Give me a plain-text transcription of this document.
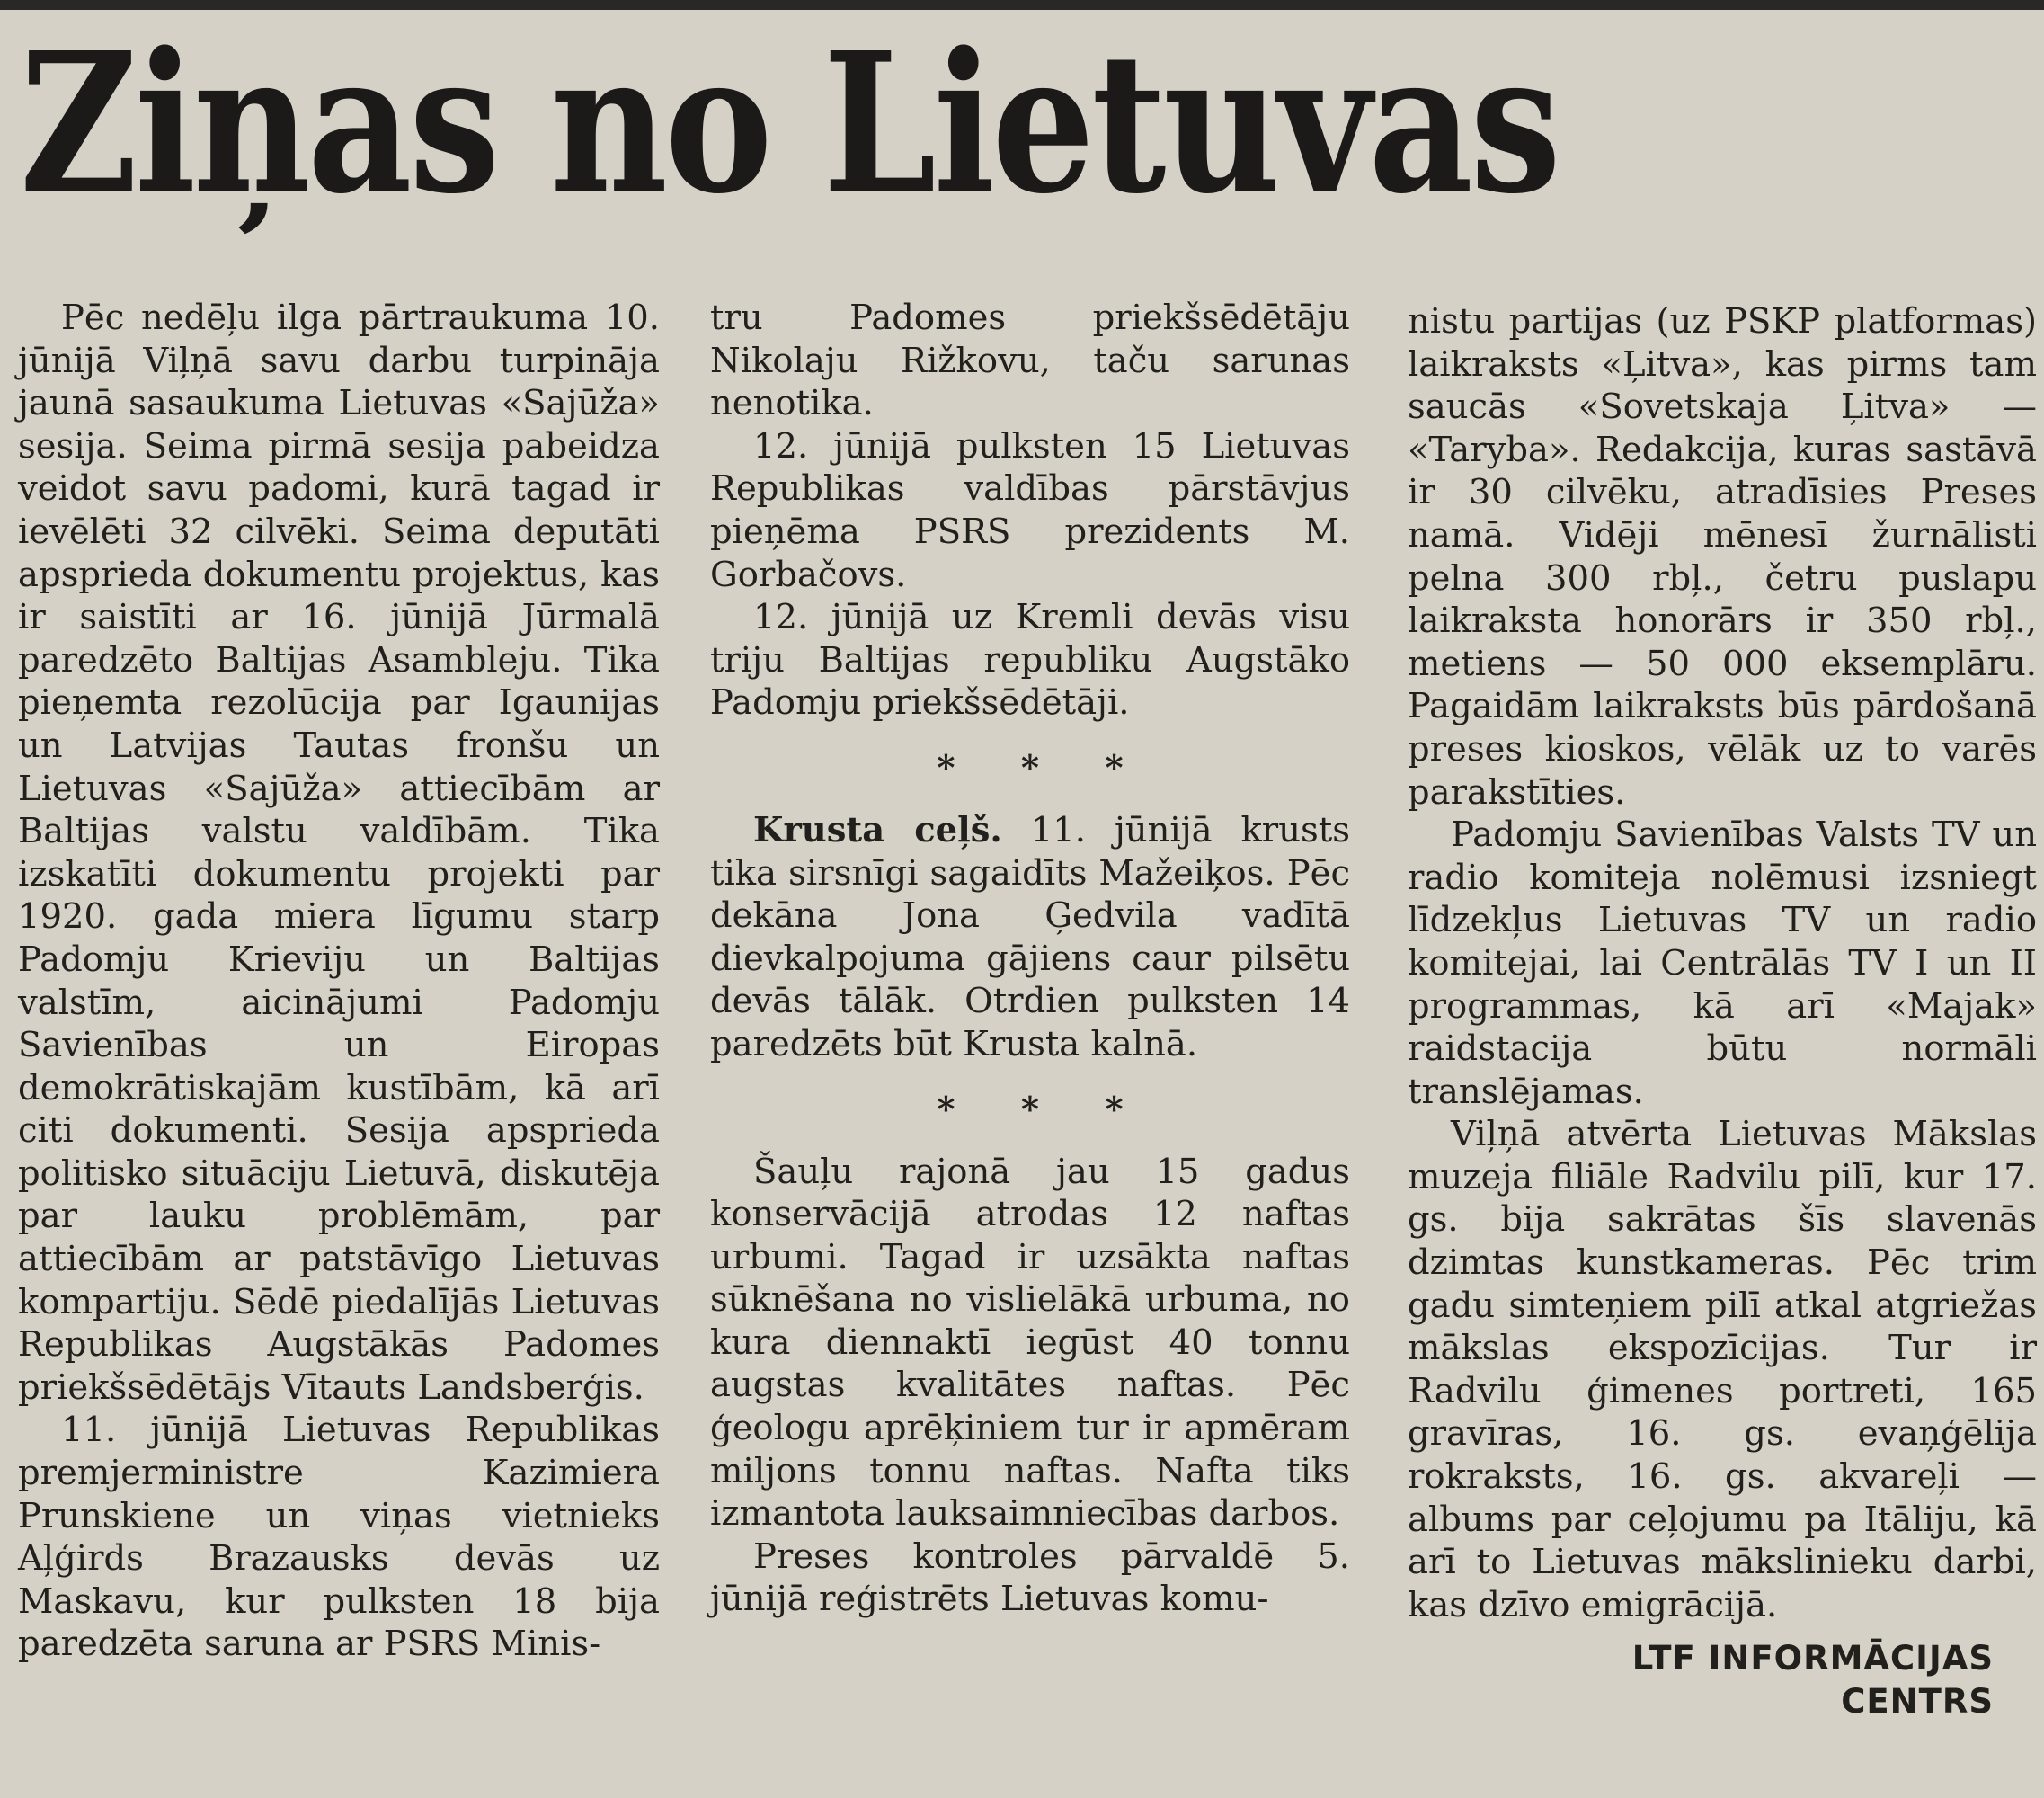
Ziņas no Lietuvas

Pēc nedēļu ilga pārtraukuma 10. jūnijā Viļņā savu darbu turpināja jaunā sasaukuma Lietuvas «Sajūža» sesija. Seima pirmā sesija pabeidza veidot savu padomi, kurā tagad ir ievēlēti 32 cilvēki. Seima deputāti apsprieda dokumentu projektus, kas ir saistīti ar 16. jūnijā Jūrmalā paredzēto Baltijas Asambleju. Tika pieņemta rezolūcija par Igaunijas un Latvijas Tautas fronšu un Lietuvas «Sajūža» attiecībām ar Baltijas valstu valdībām. Tika izskatīti dokumentu projekti par 1920. gada miera līgumu starp Padomju Krieviju un Baltijas valstīm, aicinājumi Padomju Savienības un Eiropas demokrātiskajām kustībām, kā arī citi dokumenti. Sesija apsprieda politisko situāciju Lietuvā, diskutēja par lauku problēmām, par attiecībām ar patstāvīgo Lietuvas kompartiju. Sēdē piedalījās Lietuvas Republikas Augstākās Padomes priekšsēdētājs Vītauts Landsberģis.

11. jūnijā Lietuvas Republikas premjerministre Kazimiera Prunskiene un viņas vietnieks Aļģirds Brazausks devās uz Maskavu, kur pulksten 18 bija paredzēta saruna ar PSRS Minis-

tru Padomes priekšsēdētāju Nikolaju Rižkovu, taču sarunas nenotika.

12. jūnijā pulksten 15 Lietuvas Republikas valdības pārstāvjus pieņēma PSRS prezidents M. Gorbačovs.

12. jūnijā uz Kremli devās visu triju Baltijas republiku Augstāko Padomju priekšsēdētāji.

* * *

Krusta ceļš. 11. jūnijā krusts tika sirsnīgi sagaidīts Mažeiķos. Pēc dekāna Jona Ģedvila vadītā dievkalpojuma gājiens caur pilsētu devās tālāk. Otrdien pulksten 14 paredzēts būt Krusta kalnā.

* * *

Šauļu rajonā jau 15 gadus konservācijā atrodas 12 naftas urbumi. Tagad ir uzsākta naftas sūknēšana no vislielākā urbuma, no kura diennaktī iegūst 40 tonnu augstas kvalitātes naftas. Pēc ģeologu aprēķiniem tur ir apmēram miljons tonnu naftas. Nafta tiks izmantota lauksaimniecības darbos.

Preses kontroles pārvaldē 5. jūnijā reģistrēts Lietuvas komu-

nistu partijas (uz PSKP platformas) laikraksts «Ļitva», kas pirms tam saucās «Sovetskaja Ļitva» — «Taryba». Redakcija, kuras sastāvā ir 30 cilvēku, atradīsies Preses namā. Vidēji mēnesī žurnālisti pelna 300 rbļ., četru puslapu laikraksta honorārs ir 350 rbļ., metiens — 50 000 eksemplāru. Pagaidām laikraksts būs pārdošanā preses kioskos, vēlāk uz to varēs parakstīties.

Padomju Savienības Valsts TV un radio komiteja nolēmusi izsniegt līdzekļus Lietuvas TV un radio komitejai, lai Centrālās TV I un II programmas, kā arī «Majak» raidstacija būtu normāli translējamas.

Viļņā atvērta Lietuvas Mākslas muzeja filiāle Radvilu pilī, kur 17. gs. bija sakrātas šīs slavenās dzimtas kunstkameras. Pēc trim gadu simteņiem pilī atkal atgriežas mākslas ekspozīcijas. Tur ir Radvilu ģimenes portreti, 165 gravīras, 16. gs. evaņģēlija rokraksts, 16. gs. akvareļi — albums par ceļojumu pa Itāliju, kā arī to Lietuvas mākslinieku darbi, kas dzīvo emigrācijā.

LTF INFORMĀCIJAS
CENTRS
